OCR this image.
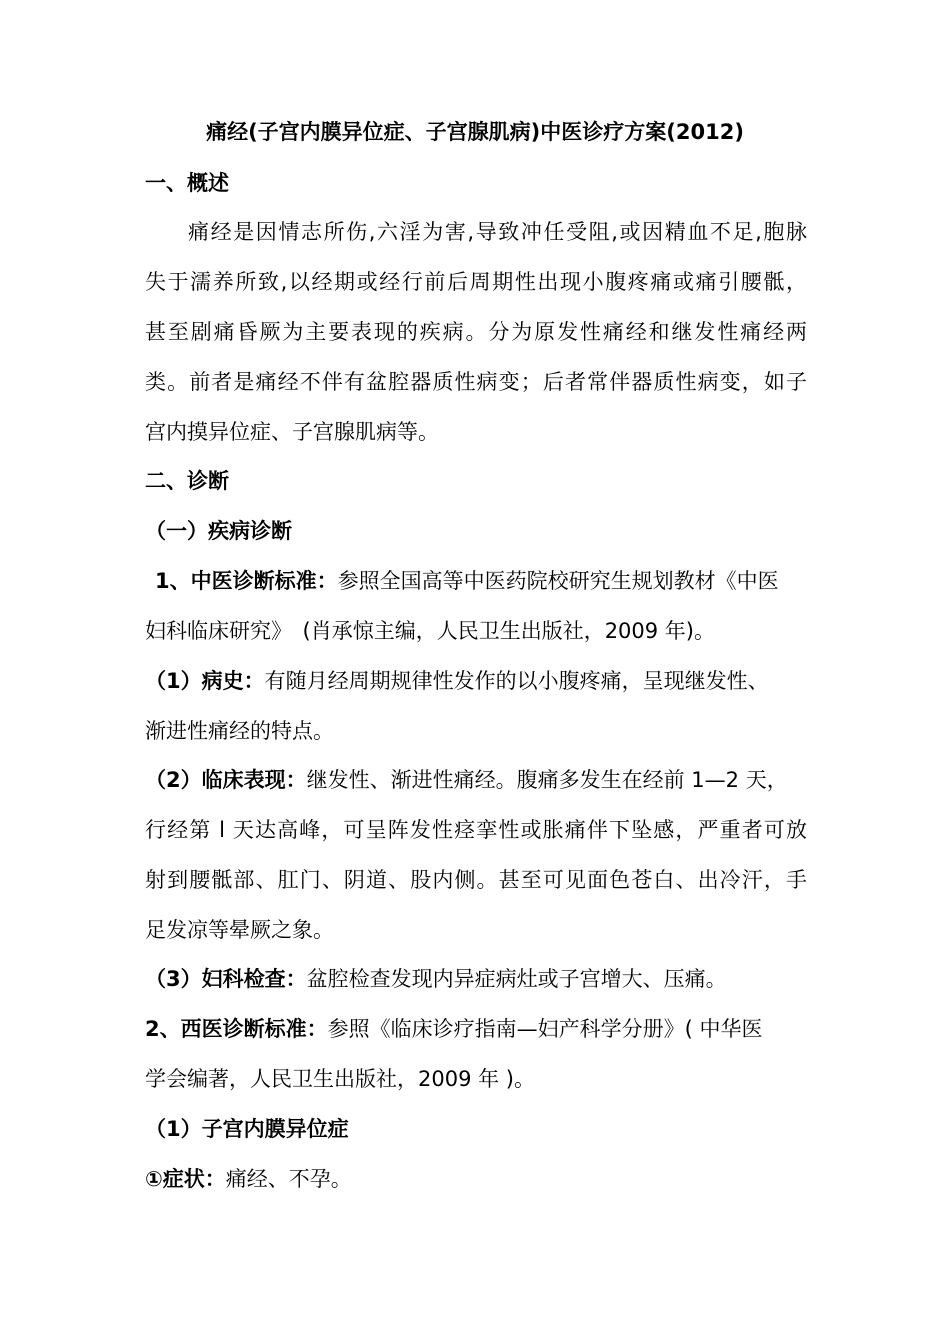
痛经(子宫内膜异位症、子宫腺肌病)中医诊疗方案(2012)
一、概述
痛经是因情志所伤,六淫为害,导致冲任受阻,或因精血不足,胞脉
失于濡养所致,以经期或经行前后周期性出现小腹疼痛或痛引腰骶，
甚至剧痛昏厥为主要表现的疾病。分为原发性痛经和继发性痛经两
类。前者是痛经不伴有盆腔器质性病变；后者常伴器质性病变，如子
宫内摸异位症、子宫腺肌病等。
二、诊断
（一）疾病诊断
1、中医诊断标准：参照全国高等中医药院校研究生规划教材《中医
妇科临床研究》　(肖承惊主编，人民卫生出版社，2009 年)。
（1）病史：有随月经周期规律性发作的以小腹疼痛，呈现继发性、
渐进性痛经的特点。
（2）临床表现：继发性、渐进性痛经。腹痛多发生在经前 1—2 天，
行经第 l 天达高峰，可呈阵发性痉挛性或胀痛伴下坠感，严重者可放
射到腰骶部、肛门、阴道、股内侧。甚至可见面色苍白、出冷汗，手
足发凉等晕厥之象。
（3）妇科检查：盆腔检查发现内异症病灶或子宫增大、压痛。
2、西医诊断标准：参照《临床诊疗指南—妇产科学分册》( 中华医
学会编著，人民卫生出版社，2009 年 )。
（1）子宫内膜异位症
①症状：痛经、不孕。
